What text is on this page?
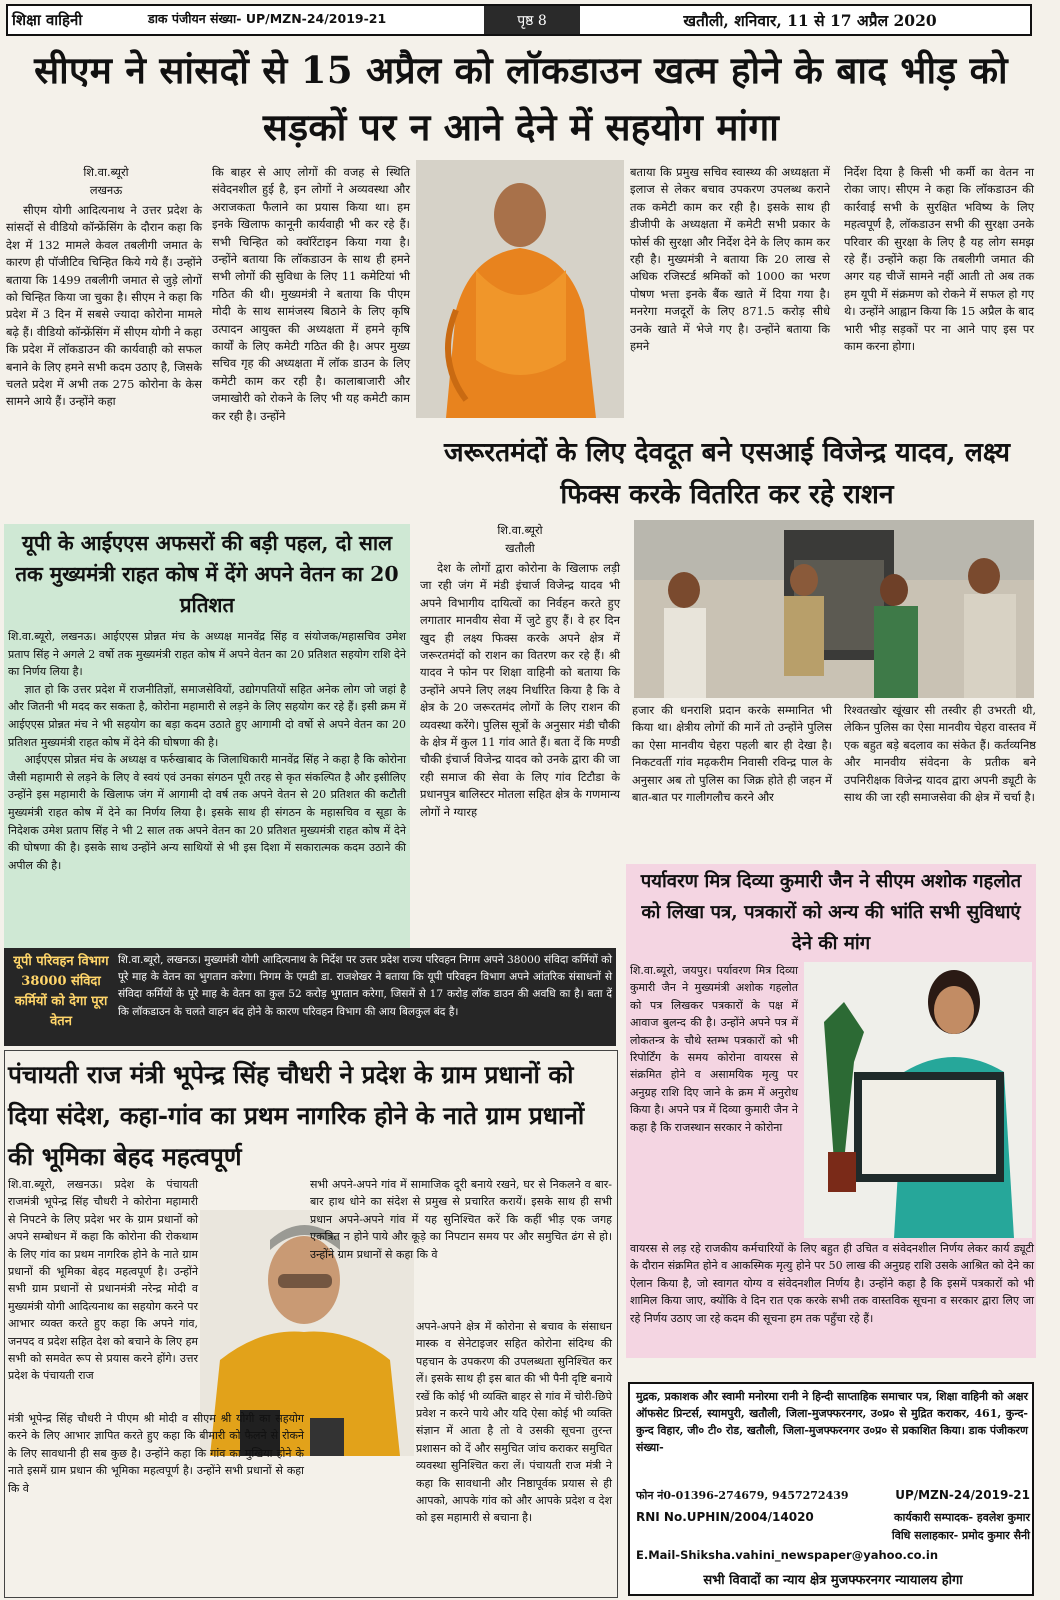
शिक्षा वाहिनी	डाक पंजीयन संख्या- UP/MZN-24/2019-21	पृष्ठ 8	खतौली, शनिवार, 11 से 17 अप्रैल 2020
सीएम ने सांसदों से 15 अप्रैल को लॉकडाउन खत्म होने के बाद भीड़ को सड़कों पर न आने देने में सहयोग मांगा
शि.वा.ब्यूरो
लखनऊ

सीएम योगी आदित्यनाथ ने उत्तर प्रदेश के सांसदों से वीडियो कॉन्फ्रेंसिंग के दौरान कहा कि देश में 132 मामले केवल तबलीगी जमात के कारण ही पॉजीटिव चिन्हित किये गये हैं। उन्होंने बताया कि 1499 तबलीगी जमात से जुड़े लोगों को चिन्हित किया जा चुका है। सीएम ने कहा कि प्रदेश में 3 दिन में सबसे ज्यादा कोरोना मामले बढ़े हैं। वीडियो कॉन्फ्रेंसिंग में सीएम योगी ने कहा कि प्रदेश में लॉकडाउन की कार्यवाही को सफल बनाने के लिए हमने सभी कदम उठाए है, जिसके चलते प्रदेश में अभी तक 275 कोरोना के केस सामने आये हैं। उन्होंने कहा

कि बाहर से आए लोगों की वजह से स्थिति संवेदनशील हुई है, इन लोगों ने अव्यवस्था और अराजकता फैलाने का प्रयास किया था। हम इनके खिलाफ कानूनी कार्यवाही भी कर रहे हैं। सभी चिन्हित को क्वॉरेंटाइन किया गया है। उन्होंने बताया कि लॉकडाउन के साथ ही हमने सभी लोगों की सुविधा के लिए 11 कमेटियां भी गठित की थी। मुख्यमंत्री ने बताया कि पीएम मोदी के साथ सामंजस्य बिठाने के लिए कृषि उत्पादन आयुक्त की अध्यक्षता में हमने कृषि कार्यों के लिए कमेटी गठित की है। अपर मुख्य सचिव गृह की अध्यक्षता में लॉक डाउन के लिए कमेटी काम कर रही है। कालाबाजारी और जमाखोरी को रोकने के लिए भी यह कमेटी काम कर रही है। उन्होंने

बताया कि प्रमुख सचिव स्वास्थ्य की अध्यक्षता में इलाज से लेकर बचाव उपकरण उपलब्ध कराने तक कमेटी काम कर रही है। इसके साथ ही डीजीपी के अध्यक्षता में कमेटी सभी प्रकार के फोर्स की सुरक्षा और निर्देश देने के लिए काम कर रही है। मुख्यमंत्री ने बताया कि 20 लाख से अधिक रजिस्टर्ड श्रमिकों को 1000 का भरण पोषण भत्ता इनके बैंक खाते में दिया गया है। मनरेगा मजदूरों के लिए 871.5 करोड़ सीधे उनके खाते में भेजे गए है। उन्होंने बताया कि हमने

निर्देश दिया है किसी भी कर्मी का वेतन ना रोका जाए। सीएम ने कहा कि लॉकडाउन की कार्रवाई सभी के सुरक्षित भविष्य के लिए महत्वपूर्ण है, लॉकडाउन सभी की सुरक्षा उनके परिवार की सुरक्षा के लिए है यह लोग समझ रहे हैं। उन्होंने कहा कि तबलीगी जमात की अगर यह चीजें सामने नहीं आती तो अब तक हम यूपी में संक्रमण को रोकने में सफल हो गए थे। उन्होंने आह्वान किया कि 15 अप्रैल के बाद भारी भीड़ सड़कों पर ना आने पाए इस पर काम करना होगा।

जरूरतमंदों के लिए देवदूत बने एसआई विजेन्द्र यादव, लक्ष्य फिक्स करके वितरित कर रहे राशन
यूपी के आईएएस अफसरों की बड़ी पहल, दो साल तक मुख्यमंत्री राहत कोष में देंगे अपने वेतन का 20 प्रतिशत

शि.वा.ब्यूरो, लखनऊ। आईएएस प्रोन्नत मंच के अध्यक्ष मानवेंद्र सिंह व संयोजक/महासचिव उमेश प्रताप सिंह ने अगले 2 वर्षो तक मुख्यमंत्री राहत कोष में अपने वेतन का 20 प्रतिशत सहयोग राशि देने का निर्णय लिया है।

ज्ञात हो कि उत्तर प्रदेश में राजनीतिज्ञों, समाजसेवियों, उद्योगपतियों सहित अनेक लोग जो जहां है और जितनी भी मदद कर सकता है, कोरोना महामारी से लड़ने के लिए सहयोग कर रहे हैं। इसी क्रम में आईएएस प्रोन्नत मंच ने भी सहयोग का बड़ा कदम उठाते हुए आगामी दो वर्षो से अपने वेतन का 20 प्रतिशत मुख्यमंत्री राहत कोष में देने की घोषणा की है।

आईएएस प्रोन्नत मंच के अध्यक्ष व फर्रुखाबाद के जिलाधिकारी मानवेंद्र सिंह ने कहा है कि कोरोना जैसी महामारी से लड़ने के लिए वे स्वयं एवं उनका संगठन पूरी तरह से कृत संकल्पित है और इसीलिए उन्होंने इस महामारी के खिलाफ जंग में आगामी दो वर्ष तक अपने वेतन से 20 प्रतिशत की कटौती मुख्यमंत्री राहत कोष में देने का निर्णय लिया है। इसके साथ ही संगठन के महासचिव व सूडा के निदेशक उमेश प्रताप सिंह ने भी 2 साल तक अपने वेतन का 20 प्रतिशत मुख्यमंत्री राहत कोष में देने की घोषणा की है। इसके साथ उन्होंने अन्य साथियों से भी इस दिशा में सकारात्मक कदम उठाने की अपील की है।

शि.वा.ब्यूरो
खतौली

देश के लोगों द्वारा कोरोना के खिलाफ लड़ी जा रही जंग में मंडी इंचार्ज विजेन्द्र यादव भी अपने विभागीय दायित्वों का निर्वहन करते हुए लगातार मानवीय सेवा में जुटे हुए हैं। वे हर दिन खुद ही लक्ष्य फिक्स करके अपने क्षेत्र में जरूरतमंदों को राशन का वितरण कर रहे हैं। श्री यादव ने फोन पर शिक्षा वाहिनी को बताया कि उन्होंने अपने लिए लक्ष्य निर्धारित किया है कि वे क्षेत्र के 20 जरूरतमंद लोगों के लिए राशन की व्यवस्था करेंगे। पुलिस सूत्रों के अनुसार मंडी चौकी के क्षेत्र में कुल 11 गांव आते हैं। बता दें कि मण्डी चौकी इंचार्ज विजेन्द्र यादव को उनके द्वारा की जा रही समाज की सेवा के लिए गांव टिटौडा के प्रधानपुत्र बालिस्टर मोतला सहित क्षेत्र के गणमान्य लोगों ने ग्यारह

हजार की धनराशि प्रदान करके सम्मानित भी किया था। क्षेत्रीय लोगों की मानें तो उन्होंने पुलिस का ऐसा मानवीय चेहरा पहली बार ही देखा है। निकटवर्ती गांव मढ़करीम निवासी रविन्द्र पाल के अनुसार अब तो पुलिस का जिक्र होते ही जहन में बात-बात पर गालीगलौच करने और

रिश्वतखोर खूंखार सी तस्वीर ही उभरती थी, लेकिन पुलिस का ऐसा मानवीय चेहरा वास्तव में एक बहुत बड़े बदलाव का संकेत हैं। कर्तव्यनिष्ठ और मानवीय संवेदना के प्रतीक बने उपनिरीक्षक विजेन्द्र यादव द्वारा अपनी ड्यूटी के साथ की जा रही समाजसेवा की क्षेत्र में चर्चा है।

पर्यावरण मित्र दिव्या कुमारी जैन ने सीएम अशोक गहलोत को लिखा पत्र, पत्रकारों को अन्य की भांति सभी सुविधाएं देने की मांग

शि.वा.ब्यूरो, जयपुर। पर्यावरण मित्र दिव्या कुमारी जैन ने मुख्यमंत्री अशोक गहलोत को पत्र लिखकर पत्रकारों के पक्ष में आवाज बुलन्द की है। उन्होंने अपने पत्र में लोकतन्त्र के चौथे स्तम्भ पत्रकारों को भी रिपोर्टिंग के समय कोरोना वायरस से संक्रमित होने व असामयिक मृत्यु पर अनुग्रह राशि दिए जाने के क्रम में अनुरोध किया है। अपने पत्र में दिव्या कुमारी जैन ने कहा है कि राजस्थान सरकार ने कोरोना

वायरस से लड़ रहे राजकीय कर्मचारियों के लिए बहुत ही उचित व संवेदनशील निर्णय लेकर कार्य ड्यूटी के दौरान संक्रमित होने व आकस्मिक मृत्यु होने पर 50 लाख की अनुग्रह राशि उसके आश्रित को देने का ऐलान किया है, जो स्वागत योग्य व संवेदनशील निर्णय है। उन्होंने कहा है कि इसमें पत्रकारों को भी शामिल किया जाए, क्योंकि वे दिन रात एक करके सभी तक वास्तविक सूचना व सरकार द्वारा लिए जा रहे निर्णय उठाए जा रहे कदम की सूचना हम तक पहुँचा रहे हैं।

यूपी परिवहन विभाग 38000 संविदा कर्मियों को देगा पूरा वेतन
शि.वा.ब्यूरो, लखनऊ। मुख्यमंत्री योगी आदित्यनाथ के निर्देश पर उत्तर प्रदेश राज्य परिवहन निगम अपने 38000 संविदा कर्मियों को पूरे माह के वेतन का भुगतान करेगा। निगम के एमडी डा. राजशेखर ने बताया कि यूपी परिवहन विभाग अपने आंतरिक संसाधनों से संविदा कर्मियों के पूरे माह के वेतन का कुल 52 करोड़ भुगतान करेगा, जिसमें से 17 करोड़ लॉक डाउन की अवधि का है। बता दें कि लॉकडाउन के चलते वाहन बंद होने के कारण परिवहन विभाग की आय बिलकुल बंद है।
पंचायती राज मंत्री भूपेन्द्र सिंह चौधरी ने प्रदेश के ग्राम प्रधानों को दिया संदेश, कहा-गांव का प्रथम नागरिक होने के नाते ग्राम प्रधानों की भूमिका बेहद महत्वपूर्ण

शि.वा.ब्यूरो, लखनऊ। प्रदेश के पंचायती राजमंत्री भूपेन्द्र सिंह चौधरी ने कोरोना महामारी से निपटने के लिए प्रदेश भर के ग्राम प्रधानों को अपने सम्बोधन में कहा कि कोरोना की रोकथाम के लिए गांव का प्रथम नागरिक होने के नाते ग्राम प्रधानों की भूमिका बेहद महत्वपूर्ण है। उन्होंने सभी ग्राम प्रधानों से प्रधानमंत्री नरेन्द्र मोदी व मुख्यमंत्री योगी आदित्यनाथ का सहयोग करने पर आभार व्यक्त करते हुए कहा कि अपने गांव, जनपद व प्रदेश सहित देश को बचाने के लिए हम सभी को समवेत रूप से प्रयास करने होंगे। उत्तर प्रदेश के पंचायती राज

मंत्री भूपेन्द्र सिंह चौधरी ने पीएम श्री मोदी व सीएम श्री योगी का सहयोग करने के लिए आभार ज्ञापित करते हुए कहा कि बीमारी को फैलने से रोकने के लिए सावधानी ही सब कुछ है। उन्होंने कहा कि गांव का मुखिया होने के नाते इसमें ग्राम प्रधान की भूमिका महत्वपूर्ण है। उन्होंने सभी प्रधानों से कहा कि वे

सभी अपने-अपने गांव में सामाजिक दूरी बनाये रखने, घर से निकलने व बार-बार हाथ धोने का संदेश से प्रमुख से प्रचारित करायें। इसके साथ ही सभी प्रधान अपने-अपने गांव में यह सुनिश्चित करें कि कहीं भीड़ एक जगह एकत्रित न होने पाये और कूड़े का निपटान समय पर और समुचित ढंग से हो। उन्होंने ग्राम प्रधानों से कहा कि वे

अपने-अपने क्षेत्र में कोरोना से बचाव के संसाधन मास्क व सेनेटाइजर सहित कोरोना संदिग्ध की पहचान के उपकरण की उपलब्धता सुनिश्चित कर लें। इसके साथ ही इस बात की भी पैनी दृष्टि बनाये रखें कि कोई भी व्यक्ति बाहर से गांव में चोरी-छिपे प्रवेश न करने पाये और यदि ऐसा कोई भी व्यक्ति संज्ञान में आता है तो वे उसकी सूचना तुरन्त प्रशासन को दें और समुचित जांच कराकर समुचित व्यवस्था सुनिश्चित करा लें। पंचायती राज मंत्री ने कहा कि सावधानी और निष्ठापूर्वक प्रयास से ही आपको, आपके गांव को और आपके प्रदेश व देश को इस महामारी से बचाना है।

मुद्रक, प्रकाशक और स्वामी मनोरमा रानी ने हिन्दी साप्ताहिक समाचार पत्र, शिक्षा वाहिनी को अक्षर ऑफसेट प्रिन्टर्स, स्यामपुरी, खतौली, जिला-मुजफ्फरनगर, उ०प्र० से मुद्रित कराकर, 461, कुन्द-कुन्द विहार, जी० टी० रोड, खतौली, जिला-मुजफ्फरनगर उ०प्र० से प्रकाशित किया। डाक पंजीकरण संख्या-
फोन नं0-01396-274679, 9457272439	UP/MZN-24/2019-21
RNI No.UPHIN/2004/14020	कार्यकारी सम्पादक- हवलेश कुमार
विधि सलाहकार- प्रमोद कुमार सैनी
E.Mail-Shiksha.vahini_newspaper@yahoo.co.in
सभी विवादों का न्याय क्षेत्र मुजफ्फरनगर न्यायालय होगा
